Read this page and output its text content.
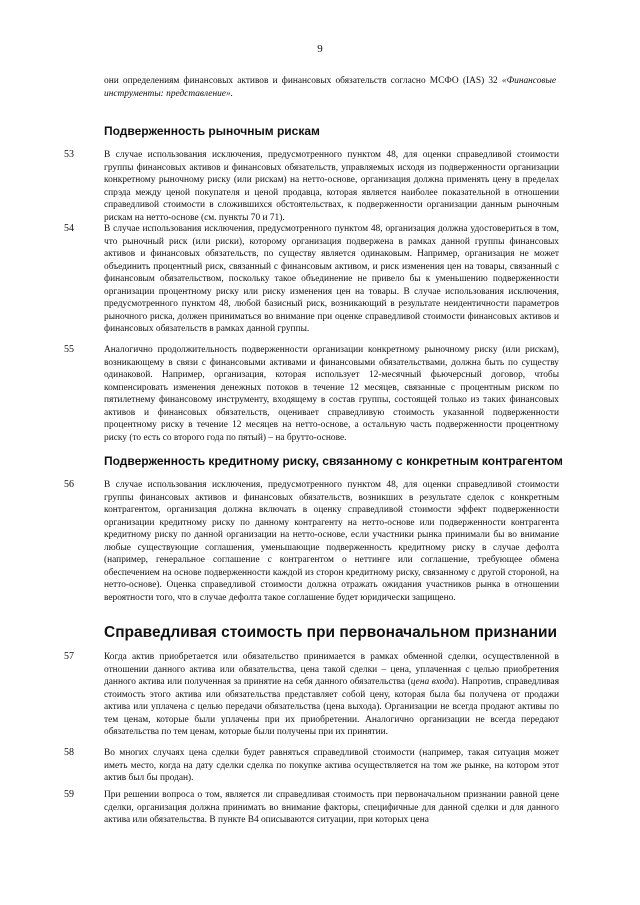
9
они определениям финансовых активов и финансовых обязательств согласно МСФО (IAS) 32 «Финансовые инструменты: представление».
Подверженность рыночным рискам
53	В случае использования исключения, предусмотренного пунктом 48, для оценки справедливой стоимости группы финансовых активов и финансовых обязательств, управляемых исходя из подверженности организации конкретному рыночному риску (или рискам) на нетто-основе, организация должна применять цену в пределах спрэда между ценой покупателя и ценой продавца, которая является наиболее показательной в отношении справедливой стоимости в сложившихся обстоятельствах, к подверженности организации данным рыночным рискам на нетто-основе (см. пункты 70 и 71).
54	В случае использования исключения, предусмотренного пунктом 48, организация должна удостовериться в том, что рыночный риск (или риски), которому организация подвержена в рамках данной группы финансовых активов и финансовых обязательств, по существу является одинаковым. Например, организация не может объединить процентный риск, связанный с финансовым активом, и риск изменения цен на товары, связанный с финансовым обязательством, поскольку такое объединение не привело бы к уменьшению подверженности организации процентному риску или риску изменения цен на товары. В случае использования исключения, предусмотренного пунктом 48, любой базисный риск, возникающий в результате неидентичности параметров рыночного риска, должен приниматься во внимание при оценке справедливой стоимости финансовых активов и финансовых обязательств в рамках данной группы.
55	Аналогично продолжительность подверженности организации конкретному рыночному риску (или рискам), возникающему в связи с финансовыми активами и финансовыми обязательствами, должна быть по существу одинаковой. Например, организация, которая использует 12-месячный фьючерсный договор, чтобы компенсировать изменения денежных потоков в течение 12 месяцев, связанные с процентным риском по пятилетнему финансовому инструменту, входящему в состав группы, состоящей только из таких финансовых активов и финансовых обязательств, оценивает справедливую стоимость указанной подверженности процентному риску в течение 12 месяцев на нетто-основе, а остальную часть подверженности процентному риску (то есть со второго года по пятый) – на брутто-основе.
Подверженность кредитному риску, связанному с конкретным контрагентом
56	В случае использования исключения, предусмотренного пунктом 48, для оценки справедливой стоимости группы финансовых активов и финансовых обязательств, возникших в результате сделок с конкретным контрагентом, организация должна включать в оценку справедливой стоимости эффект подверженности организации кредитному риску по данному контрагенту на нетто-основе или подверженности контрагента кредитному риску по данной организации на нетто-основе, если участники рынка принимали бы во внимание любые существующие соглашения, уменьшающие подверженность кредитному риску в случае дефолта (например, генеральное соглашение с контрагентом о неттинге или соглашение, требующее обмена обеспечением на основе подверженности каждой из сторон кредитному риску, связанному с другой стороной, на нетто-основе). Оценка справедливой стоимости должна отражать ожидания участников рынка в отношении вероятности того, что в случае дефолта такое соглашение будет юридически защищено.
Справедливая стоимость при первоначальном признании
57	Когда актив приобретается или обязательство принимается в рамках обменной сделки, осуществленной в отношении данного актива или обязательства, цена такой сделки – цена, уплаченная с целью приобретения данного актива или полученная за принятие на себя данного обязательства (цена входа). Напротив, справедливая стоимость этого актива или обязательства представляет собой цену, которая была бы получена от продажи актива или уплачена с целью передачи обязательства (цена выхода). Организации не всегда продают активы по тем ценам, которые были уплачены при их приобретении. Аналогично организации не всегда передают обязательства по тем ценам, которые были получены при их принятии.
58	Во многих случаях цена сделки будет равняться справедливой стоимости (например, такая ситуация может иметь место, когда на дату сделки сделка по покупке актива осуществляется на том же рынке, на котором этот актив был бы продан).
59	При решении вопроса о том, является ли справедливая стоимость при первоначальном признании равной цене сделки, организация должна принимать во внимание факторы, специфичные для данной сделки и для данного актива или обязательства. В пункте B4 описываются ситуации, при которых цена
